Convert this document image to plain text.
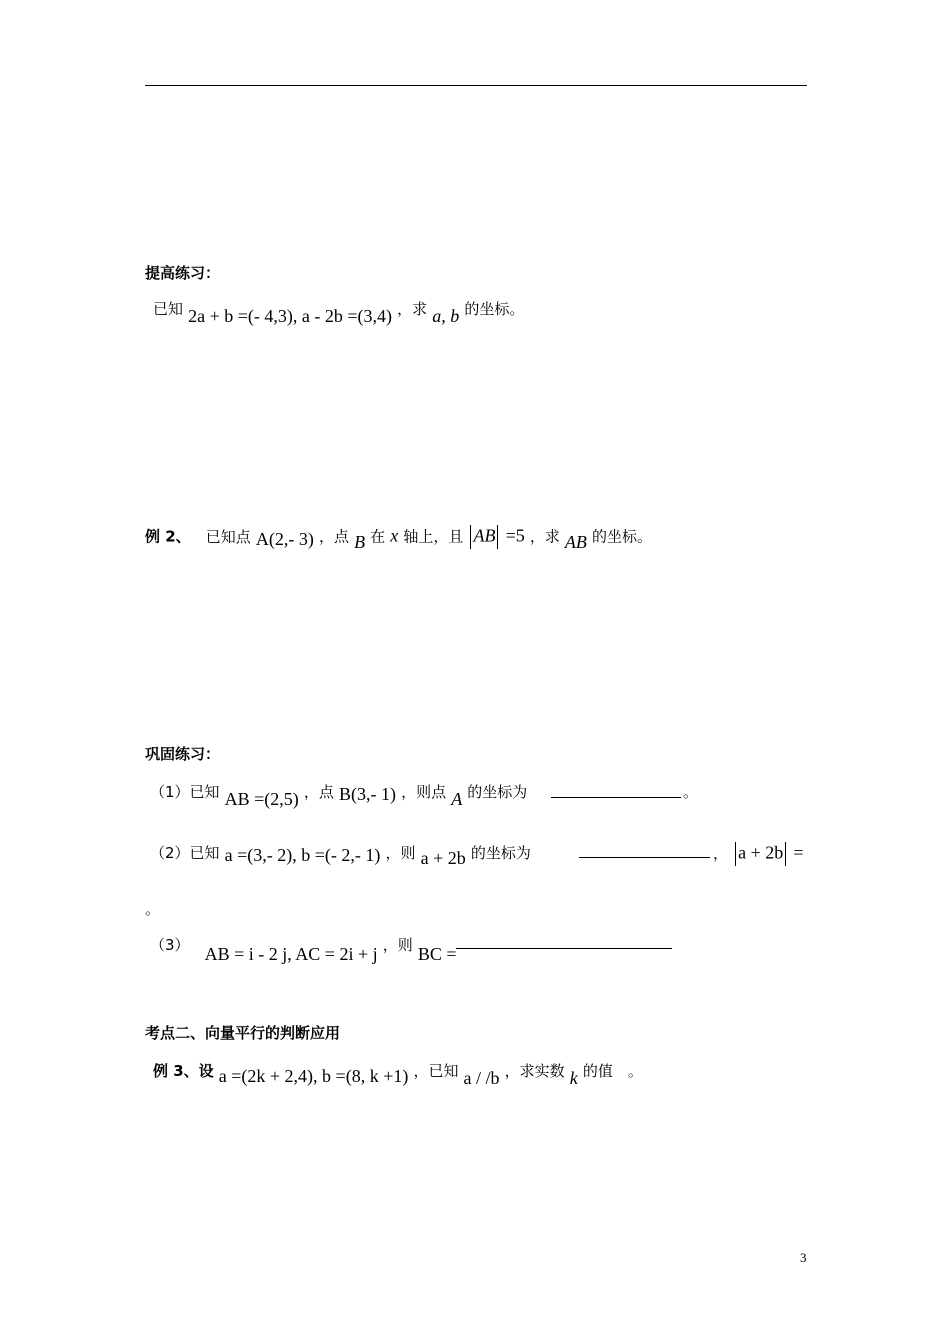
提高练习：
已知 2a + b =(- 4,3), a - 2b =(3,4) ，求 a, b 的坐标。
例 2、 已知点 A(2,- 3) ，点 B 在 x 轴上，且 AB =5 ，求 AB 的坐标。
巩固练习：
（1）已知 AB =(2,5) ，点 B(3,- 1) ，则点 A 的坐标为	。
（2）已知 a =(3,- 2), b =(- 2,- 1) ，则 a + 2b 的坐标为	， a + 2b =
。
（3） AB = i - 2 j, AC = 2i + j ，则 BC =
考点二、向量平行的判断应用
例 3、设 a =(2k + 2,4), b =(8, k +1) ，已知 a / /b ，求实数 k 的值　。
3
